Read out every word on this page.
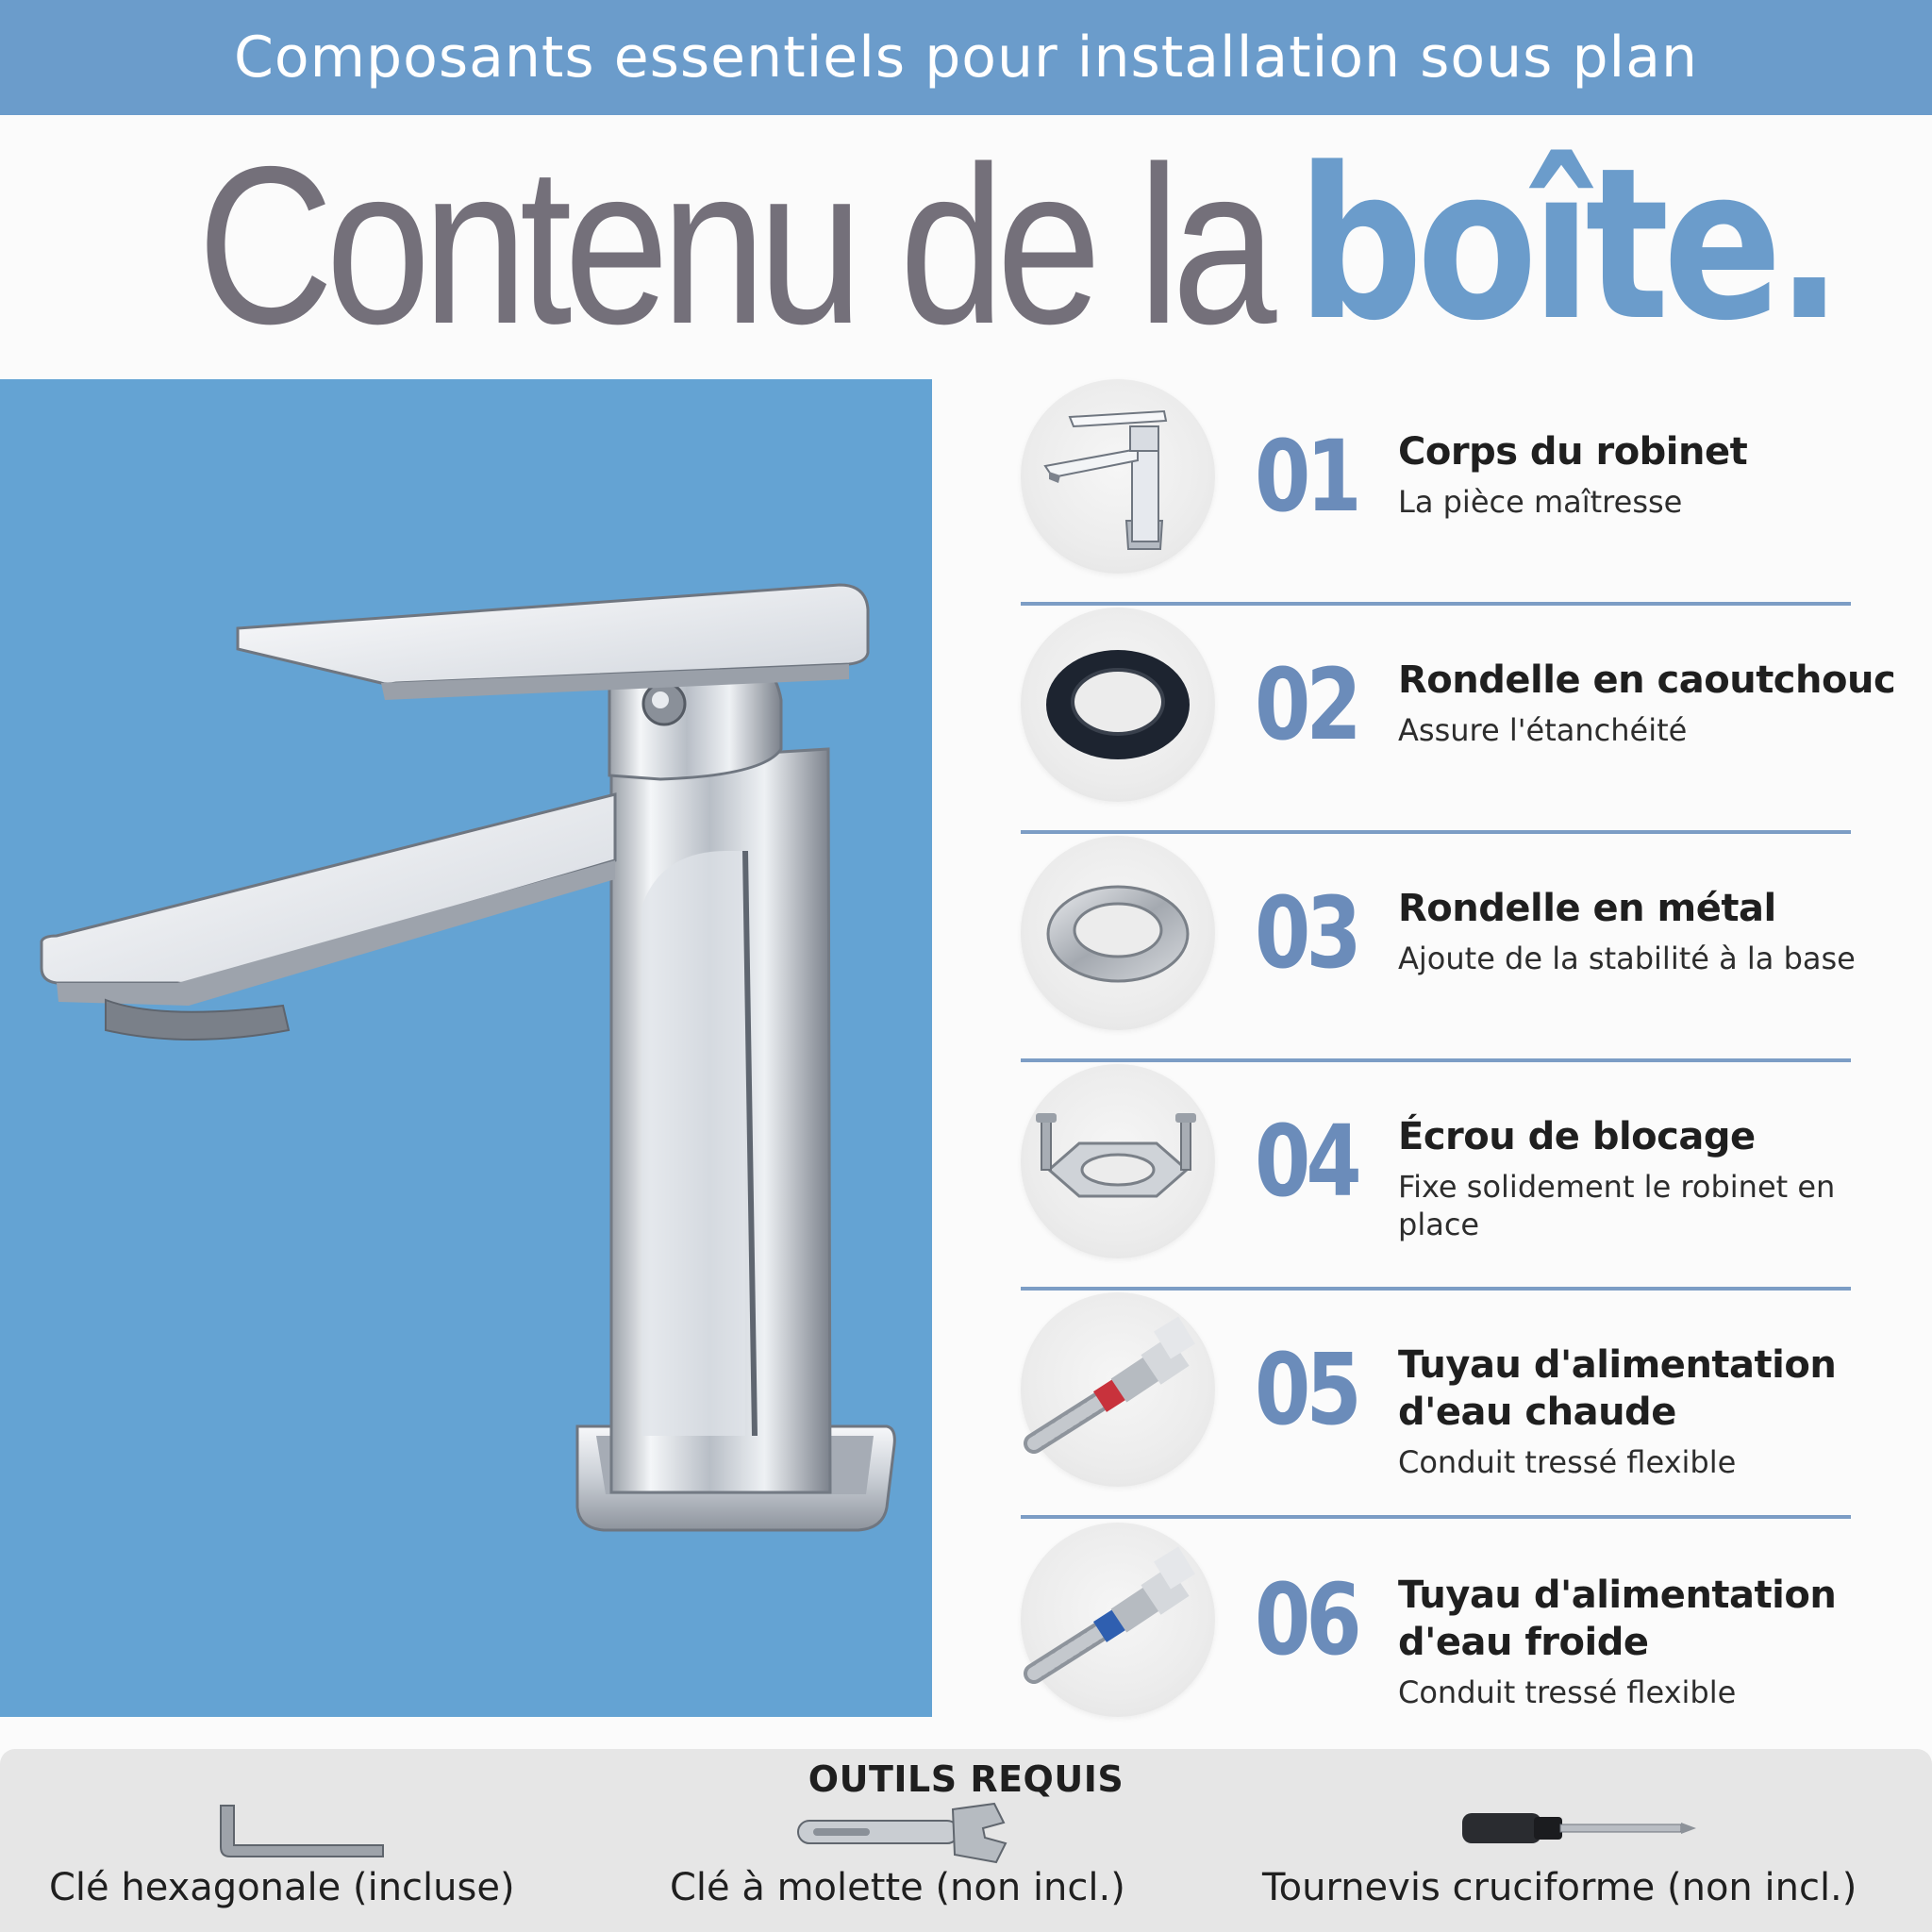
Composants essentiels pour installation sous plan
Contenu de la boîte.
01 Corps du robinet
La pièce maîtresse
02 Rondelle en caoutchouc
Assure l'étanchéité
03 Rondelle en métal
Ajoute de la stabilité à la base
04 Écrou de blocage
Fixe solidement le robinet en place
05 Tuyau d'alimentation d'eau chaude
Conduit tressé flexible
06 Tuyau d'alimentation d'eau froide
Conduit tressé flexible
OUTILS REQUIS
Clé hexagonale (incluse)	Clé à molette (non incl.)	Tournevis cruciforme (non incl.)
